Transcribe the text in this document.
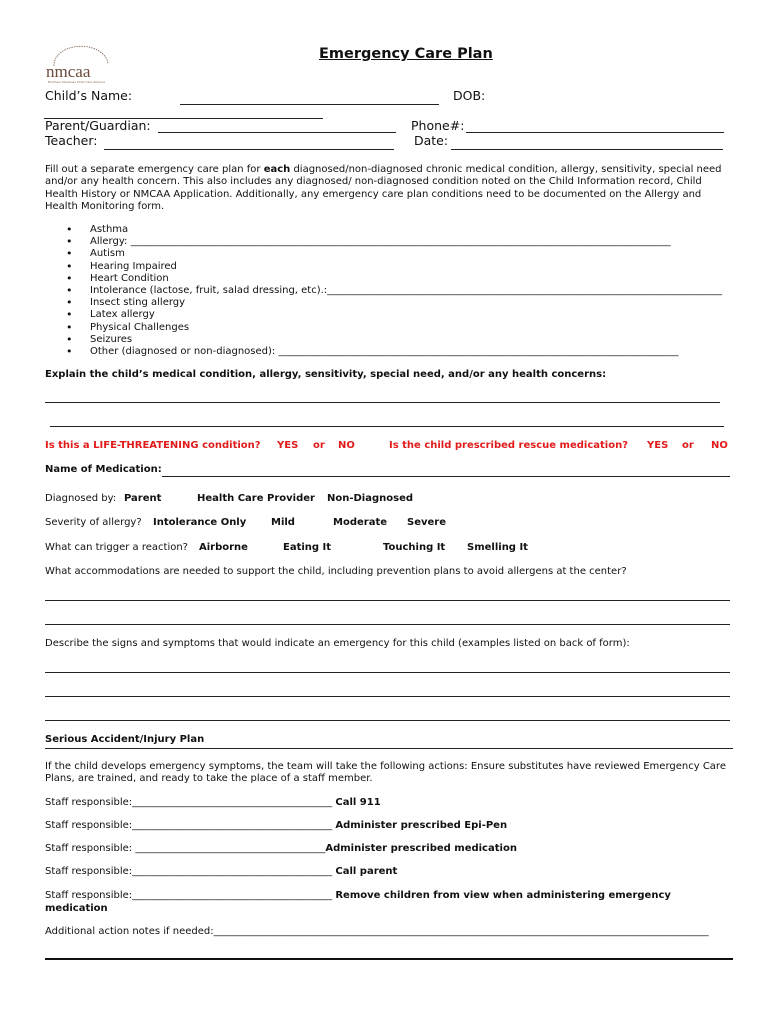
nmcaa
Northern Marianas Child Care Alliance
Emergency Care Plan
Child’s Name:	DOB:
Parent/Guardian:	Phone#:
Teacher:	Date:
Fill out a separate emergency care plan for each diagnosed/non-diagnosed chronic medical condition, allergy, sensitivity, special need and/or any health concern. This also includes any diagnosed/ non-diagnosed condition noted on the Child Information record, Child Health History or NMCAA Application. Additionally, any emergency care plan conditions need to be documented on the Allergy and Health Monitoring form.
• Asthma
• Allergy: ____________________________________________________________________________________________________________
• Autism
• Hearing Impaired
• Heart Condition
• Intolerance (lactose, fruit, salad dressing, etc).:_______________________________________________________________________________
• Insect sting allergy
• Latex allergy
• Physical Challenges
• Seizures
• Other (diagnosed or non-diagnosed): ________________________________________________________________________________
Explain the child’s medical condition, allergy, sensitivity, special need, and/or any health concerns:
Is this a LIFE-THREATENING condition? YES or NO	Is the child prescribed rescue medication? YES or NO
Name of Medication:
Diagnosed by: Parent	Health Care Provider Non-Diagnosed
Severity of allergy? Intolerance Only Mild	Moderate Severe
What can trigger a reaction? Airborne	Eating It	Touching It Smelling It
What accommodations are needed to support the child, including prevention plans to avoid allergens at the center?
Describe the signs and symptoms that would indicate an emergency for this child (examples listed on back of form):
Serious Accident/Injury Plan
If the child develops emergency symptoms, the team will take the following actions: Ensure substitutes have reviewed Emergency Care Plans, are trained, and ready to take the place of a staff member.
Staff responsible:________________________________________ Call 911
Staff responsible:________________________________________ Administer prescribed Epi-Pen
Staff responsible: ______________________________________Administer prescribed medication
Staff responsible:________________________________________ Call parent
Staff responsible:________________________________________ Remove children from view when administering emergency
medication
Additional action notes if needed:___________________________________________________________________________________________________
